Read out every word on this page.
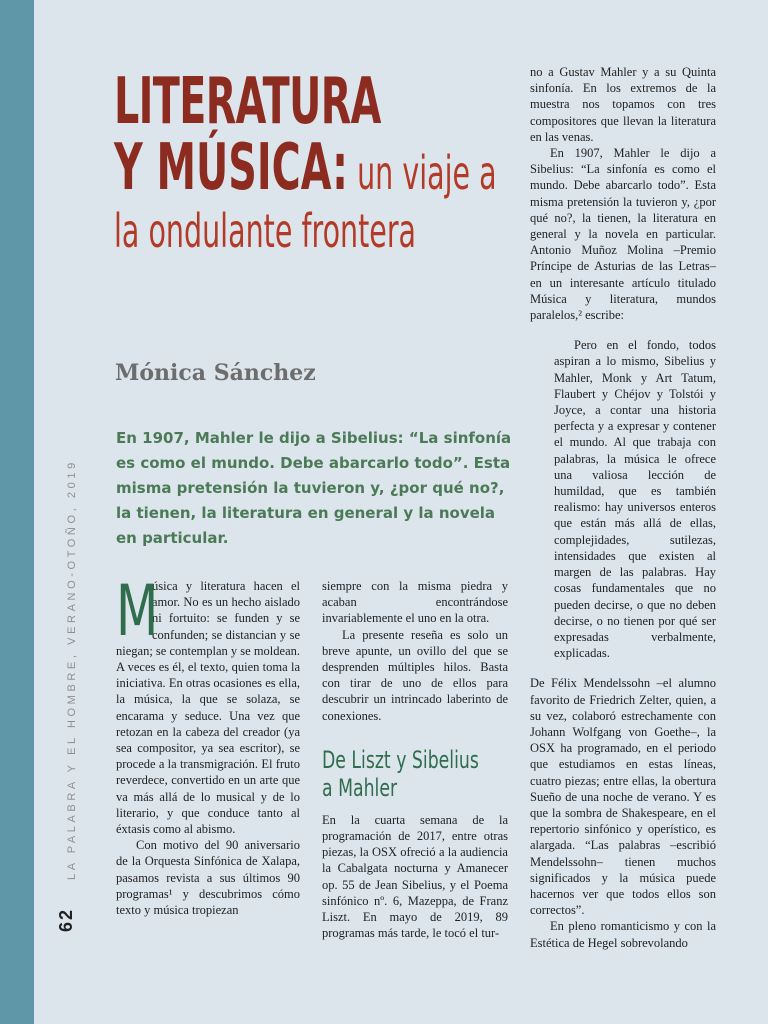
LA PALABRA Y EL HOMBRE, VERANO-OTOÑO, 2019
62
LITERATURA
Y MÚSICA: un viaje a
la ondulante frontera
Mónica Sánchez
En 1907, Mahler le dijo a Sibelius: “La sinfonía es como el mundo. Debe abarcarlo todo”. Esta misma pretensión la tuvieron y, ¿por qué no?, la tienen, la literatura en general y la novela en particular.

M
úsica y literatura hacen el amor. No es un hecho aislado ni fortuito: se funden y se confunden; se distancian y se niegan; se contemplan y se moldean. A veces es él, el texto, quien toma la iniciativa. En otras ocasiones es ella, la música, la que se solaza, se encarama y seduce. Una vez que retozan en la cabeza del creador (ya sea compositor, ya sea escritor), se procede a la transmigración. El fruto reverdece, convertido en un arte que va más allá de lo musical y de lo literario, y que conduce tanto al éxtasis como al abismo.

Con motivo del 90 aniversario de la Orquesta Sinfónica de Xalapa, pasamos revista a sus últimos 90 programas¹ y descubrimos cómo texto y música tropiezan

siempre con la misma piedra y acaban encontrándose invariablemente el uno en la otra.

La presente reseña es solo un breve apunte, un ovillo del que se desprenden múltiples hilos. Basta con tirar de uno de ellos para descubrir un intrincado laberinto de conexiones.

De Liszt y Sibelius
a Mahler

En la cuarta semana de la programación de 2017, entre otras piezas, la OSX ofreció a la audiencia la Cabalgata nocturna y Amanecer op. 55 de Jean Sibelius, y el Poema sinfónico nº. 6, Mazeppa, de Franz Liszt. En mayo de 2019, 89 programas más tarde, le tocó el tur-

no a Gustav Mahler y a su Quinta sinfonía. En los extremos de la muestra nos topamos con tres compositores que llevan la literatura en las venas.

En 1907, Mahler le dijo a Sibelius: “La sinfonía es como el mundo. Debe abarcarlo todo”. Esta misma pretensión la tuvieron y, ¿por qué no?, la tienen, la literatura en general y la novela en particular. Antonio Muñoz Molina –Premio Príncipe de Asturias de las Letras– en un interesante artículo titulado Música y literatura, mundos paralelos,² escribe:

Pero en el fondo, todos aspiran a lo mismo, Sibelius y Mahler, Monk y Art Tatum, Flaubert y Chéjov y Tolstói y Joyce, a contar una historia perfecta y a expresar y contener el mundo. Al que trabaja con palabras, la música le ofrece una valiosa lección de humildad, que es también realismo: hay universos enteros que están más allá de ellas, complejidades, sutilezas, intensidades que existen al margen de las palabras. Hay cosas fundamentales que no pueden decirse, o que no deben decirse, o no tienen por qué ser expresadas verbalmente, explicadas.

De Félix Mendelssohn –el alumno favorito de Friedrich Zelter, quien, a su vez, colaboró estrechamente con Johann Wolfgang von Goethe–, la OSX ha programado, en el periodo que estudiamos en estas líneas, cuatro piezas; entre ellas, la obertura Sueño de una noche de verano. Y es que la sombra de Shakespeare, en el repertorio sinfónico y operístico, es alargada. “Las palabras –escribió Mendelssohn– tienen muchos significados y la música puede hacernos ver que todos ellos son correctos”.

En pleno romanticismo y con la Estética de Hegel sobrevolando
